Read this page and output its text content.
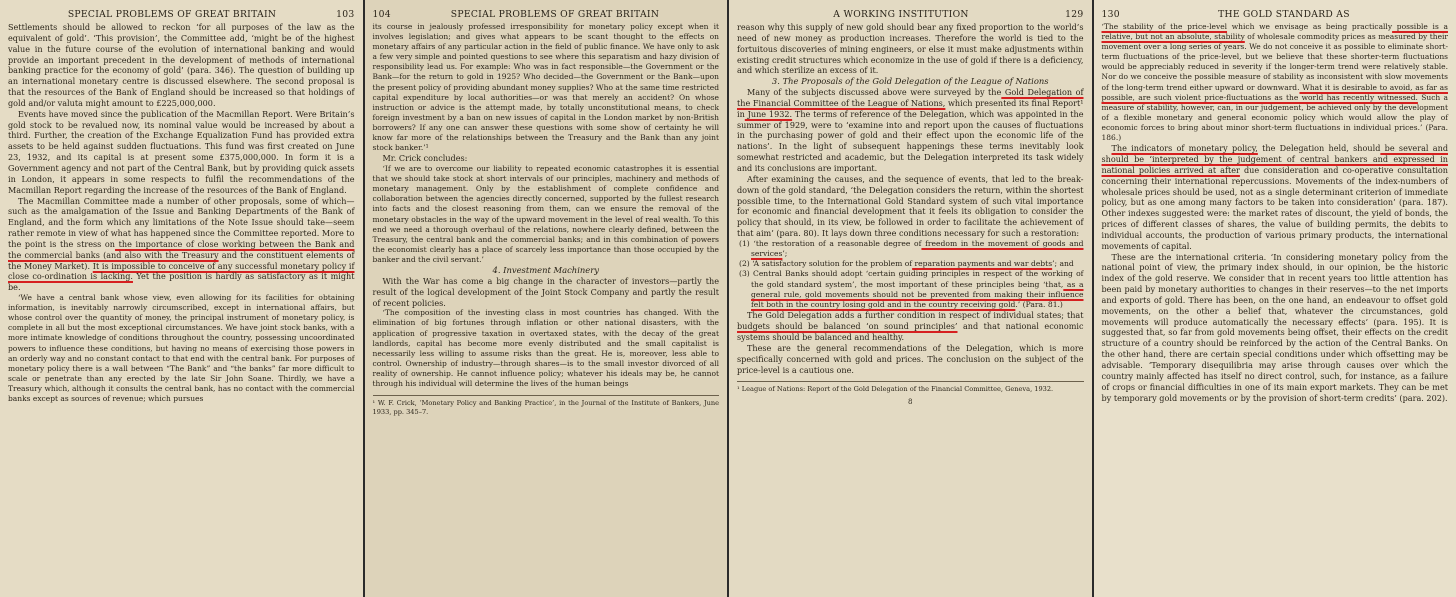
SPECIAL PROBLEMS OF GREAT BRITAIN	103

Settlements should be allowed to reckon ‘for all purposes of the law as the equivalent of gold’. ‘This provision’, the Committee add, ‘might be of the highest value in the future course of the evolution of international banking and would provide an important precedent in the development of methods of international banking practice for the economy of gold’ (para. 346). The question of building up an international monetary centre is discussed elsewhere. The second proposal is that the resources of the Bank of England should be increased so that holdings of gold and/or valuta might amount to £225,000,000.

Events have moved since the publication of the Macmillan Report. Were Britain’s gold stock to be revalued now, its nominal value would be increased by about a third. Further, the creation of the Exchange Equalization Fund has provided extra assets to be held against sudden fluctuations. This fund was first created on June 23, 1932, and its capital is at present some £375,000,000. In form it is a Government agency and not part of the Central Bank, but by providing quick assets in London, it appears in some respects to fulfil the recommendations of the Macmillan Report regarding the increase of the resources of the Bank of England.

The Macmillan Committee made a number of other proposals, some of which—such as the amalgamation of the Issue and Banking Departments of the Bank of England, and the form which any limitations of the Note Issue should take—seem rather remote in view of what has happened since the Committee reported. More to the point is the stress on the importance of close working between the Bank and the commercial banks (and also with the Treasury and the constituent elements of the Money Market). It is impossible to conceive of any successful monetary policy if close co-ordination is lacking. Yet the position is hardly as satisfactory as it might be.

‘We have a central bank whose view, even allowing for its facilities for obtaining information, is inevitably narrowly circumscribed, except in international affairs, but whose control over the quantity of money, the principal instrument of monetary policy, is complete in all but the most exceptional circumstances. We have joint stock banks, with a more intimate knowledge of conditions throughout the country, possessing uncoordinated powers to influence these conditions, but having no means of exercising those powers in an orderly way and no constant contact to that end with the central bank. For purposes of monetary policy there is a wall between “The Bank” and “the banks” far more difficult to scale or penetrate than any erected by the late Sir John Soane. Thirdly, we have a Treasury which, although it consults the central bank, has no contact with the commercial banks except as sources of revenue; which pursues

104	SPECIAL PROBLEMS OF GREAT BRITAIN

its course in jealously professed irresponsibility for monetary policy except when it involves legislation; and gives what appears to be scant thought to the effects on monetary affairs of any particular action in the field of public finance. We have only to ask a few very simple and pointed questions to see where this separatism and hazy division of responsibility lead us. For example: Who was in fact responsible—the Government or the Bank—for the return to gold in 1925? Who decided—the Government or the Bank—upon the present policy of providing abundant money supplies? Who at the same time restricted capital expenditure by local authorities—or was that merely an accident? On whose instruction or advice is the attempt made, by totally unconstitutional means, to check foreign investment by a ban on new issues of capital in the London market by non-British borrowers? If any one can answer these questions with some show of certainty he will know far more of the relationships between the Treasury and the Bank than any joint stock banker.’¹

Mr. Crick concludes:

‘If we are to overcome our liability to repeated economic catastrophes it is essential that we should take stock at short intervals of our principles, machinery and methods of monetary management. Only by the establishment of complete confidence and collaboration between the agencies directly concerned, supported by the fullest research into facts and the closest reasoning from them, can we ensure the removal of the monetary obstacles in the way of the upward movement in the level of real wealth. To this end we need a thorough overhaul of the relations, nowhere clearly defined, between the Treasury, the central bank and the commercial banks; and in this combination of powers the economist clearly has a place of scarcely less importance than those occupied by the banker and the civil servant.’

4. Investment Machinery

With the War has come a big change in the character of investors—partly the result of the logical development of the Joint Stock Company and partly the result of recent policies.

‘The composition of the investing class in most countries has changed. With the elimination of big fortunes through inflation or other national disasters, with the application of progressive taxation in overtaxed states, with the decay of the great landlords, capital has become more evenly distributed and the small capitalist is necessarily less willing to assume risks than the great. He is, moreover, less able to control. Ownership of industry—through shares—is to the small investor divorced of all reality of ownership. He cannot influence policy; whatever his ideals may be, he cannot through his individual will determine the lives of the human beings

¹ W. F. Crick, ‘Monetary Policy and Banking Practice’, in the Journal of the Institute of Bankers, June 1933, pp. 345–7.
A WORKING INSTITUTION	129

reason why this supply of new gold should bear any fixed proportion to the world’s need of new money as production increases. Therefore the world is tied to the fortuitous discoveries of mining engineers, or else it must make adjustments within existing credit structures which economize in the use of gold if there is a deficiency, and which sterilize an excess of it.

3. The Proposals of the Gold Delegation of the League of Nations

Many of the subjects discussed above were surveyed by the Gold Delegation of the Financial Committee of the League of Nations, which presented its final Report¹ in June 1932. The terms of reference of the Delegation, which was appointed in the summer of 1929, were to ‘examine into and report upon the causes of fluctuations in the purchasing power of gold and their effect upon the economic life of the nations’. In the light of subsequent happenings these terms inevitably look somewhat restricted and academic, but the Delegation interpreted its task widely and its conclusions are important.

After examining the causes, and the sequence of events, that led to the break-down of the gold standard, ‘the Delegation considers the return, within the shortest possible time, to the International Gold Standard system of such vital importance for economic and financial development that it feels its obligation to consider the policy that should, in its view, be followed in order to facilitate the achievement of that aim’ (para. 80). It lays down three conditions necessary for such a restoration:

(1) ‘the restoration of a reasonable degree of freedom in the movement of goods and services’;

(2) ‘A satisfactory solution for the problem of reparation payments and war debts’; and

(3) Central Banks should adopt ‘certain guiding principles in respect of the working of the gold standard system’, the most important of these principles being ‘that, as a general rule, gold movements should not be prevented from making their influence felt both in the country losing gold and in the country receiving gold.’ (Para. 81.)

The Gold Delegation adds a further condition in respect of individual states; that budgets should be balanced ‘on sound principles’ and that national economic systems should be balanced and healthy.

These are the general recommendations of the Delegation, which is more specifically concerned with gold and prices. The conclusion on the subject of the price-level is a cautious one.

¹ League of Nations: Report of the Gold Delegation of the Financial Committee, Geneva, 1932.
8
130	THE GOLD STANDARD AS

‘The stability of the price-level which we envisage as being practically possible is a relative, but not an absolute, stability of wholesale commodity prices as measured by their movement over a long series of years. We do not conceive it as possible to eliminate short-term fluctuations of the price-level, but we believe that these shorter-term fluctuations would be appreciably reduced in severity if the longer-term trend were relatively stable. Nor do we conceive the possible measure of stability as inconsistent with slow movements of the long-term trend either upward or downward. What it is desirable to avoid, as far as possible, are such violent price-fluctuations as the world has recently witnessed. Such a measure of stability, however, can, in our judgement, be achieved only by the development of a flexible monetary and general economic policy which would allow the play of economic forces to bring about minor short-term fluctuations in individual prices.’ (Para. 186.)

The indicators of monetary policy, the Delegation held, should be several and should be ‘interpreted by the judgement of central bankers and expressed in national policies arrived at after due consideration and co-operative consultation concerning their international repercussions. Movements of the index-numbers of wholesale prices should be used, not as a single determinant criterion of immediate policy, but as one among many factors to be taken into consideration’ (para. 187). Other indexes suggested were: the market rates of discount, the yield of bonds, the prices of different classes of shares, the value of building permits, the debits to individual accounts, the production of various primary products, the international movements of capital.

These are the international criteria. ‘In considering monetary policy from the national point of view, the primary index should, in our opinion, be the historic index of the gold reserve. We consider that in recent years too little attention has been paid by monetary authorities to changes in their reserves—to the net imports and exports of gold. There has been, on the one hand, an endeavour to offset gold movements, on the other a belief that, whatever the circumstances, gold movements will produce automatically the necessary effects’ (para. 195). It is suggested that, so far from gold movements being offset, their effects on the credit structure of a country should be reinforced by the action of the Central Banks. On the other hand, there are certain special conditions under which offsetting may be advisable. ‘Temporary disequilibria may arise through causes over which the country mainly affected has itself no direct control, such, for instance, as a failure of crops or financial difficulties in one of its main export markets. They can be met by temporary gold movements or by the provision of short-term credits’ (para. 202).
